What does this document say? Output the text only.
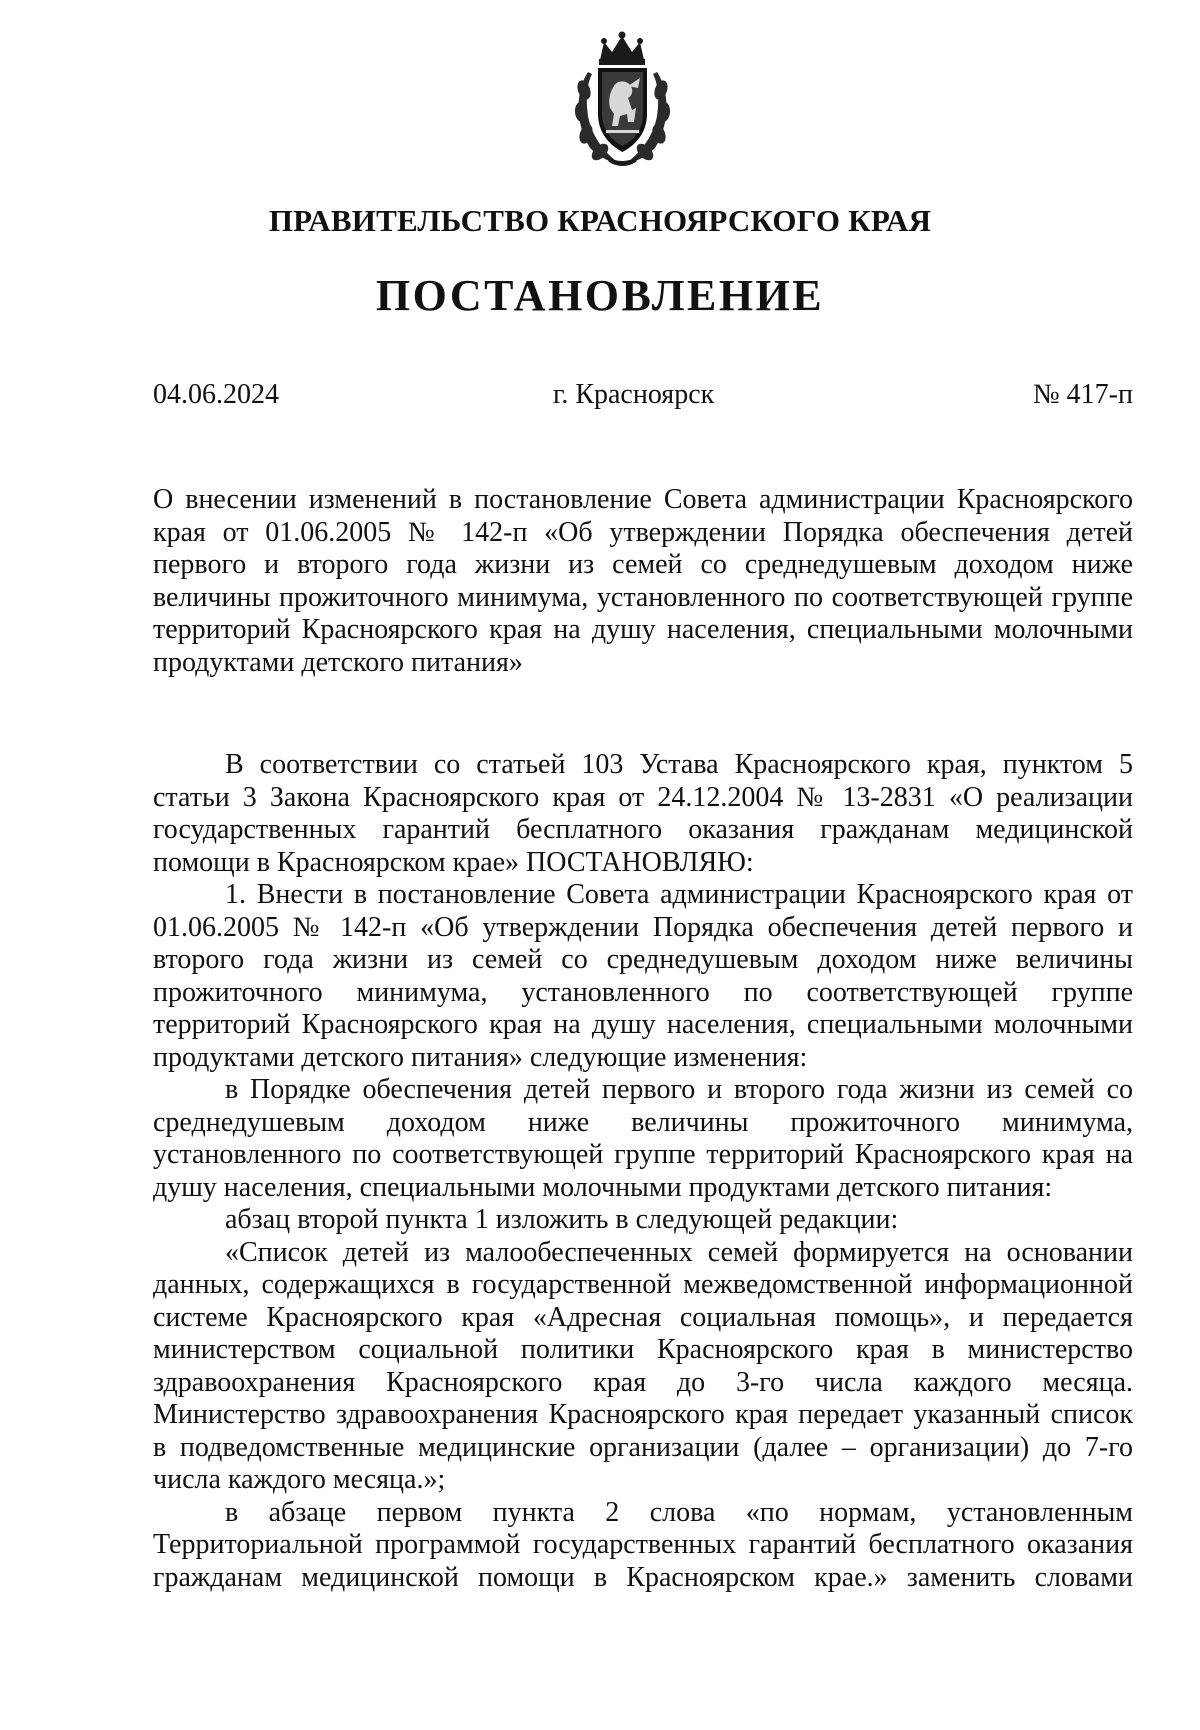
ПРАВИТЕЛЬСТВО КРАСНОЯРСКОГО КРАЯ
ПОСТАНОВЛЕНИЕ
04.06.2024	г. Красноярск	№ 417-п

О внесении изменений в постановление Совета администрации Красноярского края от 01.06.2005 № 142-п «Об утверждении Порядка обеспечения детей первого и второго года жизни из семей со среднедушевым доходом ниже величины прожиточного минимума, установленного по соответствующей группе территорий Красноярского края на душу населения, специальными молочными продуктами детского питания»

В соответствии со статьей 103 Устава Красноярского края, пунктом 5 статьи 3 Закона Красноярского края от 24.12.2004 № 13-2831 «О реализации государственных гарантий бесплатного оказания гражданам медицинской помощи в Красноярском крае» ПОСТАНОВЛЯЮ:

1. Внести в постановление Совета администрации Красноярского края от 01.06.2005 № 142-п «Об утверждении Порядка обеспечения детей первого и второго года жизни из семей со среднедушевым доходом ниже величины прожиточного минимума, установленного по соответствующей группе территорий Красноярского края на душу населения, специальными молочными продуктами детского питания» следующие изменения:

в Порядке обеспечения детей первого и второго года жизни из семей со среднедушевым доходом ниже величины прожиточного минимума, установленного по соответствующей группе территорий Красноярского края на душу населения, специальными молочными продуктами детского питания:

абзац второй пункта 1 изложить в следующей редакции:

«Список детей из малообеспеченных семей формируется на основании данных, содержащихся в государственной межведомственной информационной системе Красноярского края «Адресная социальная помощь», и передается министерством социальной политики Красноярского края в министерство здравоохранения Красноярского края до 3-го числа каждого месяца. Министерство здравоохранения Красноярского края передает указанный список в подведомственные медицинские организации (далее – организации) до 7-го числа каждого месяца.»;

в абзаце первом пункта 2 слова «по нормам, установленным Территориальной программой государственных гарантий бесплатного оказания гражданам медицинской помощи в Красноярском крае.» заменить словами
